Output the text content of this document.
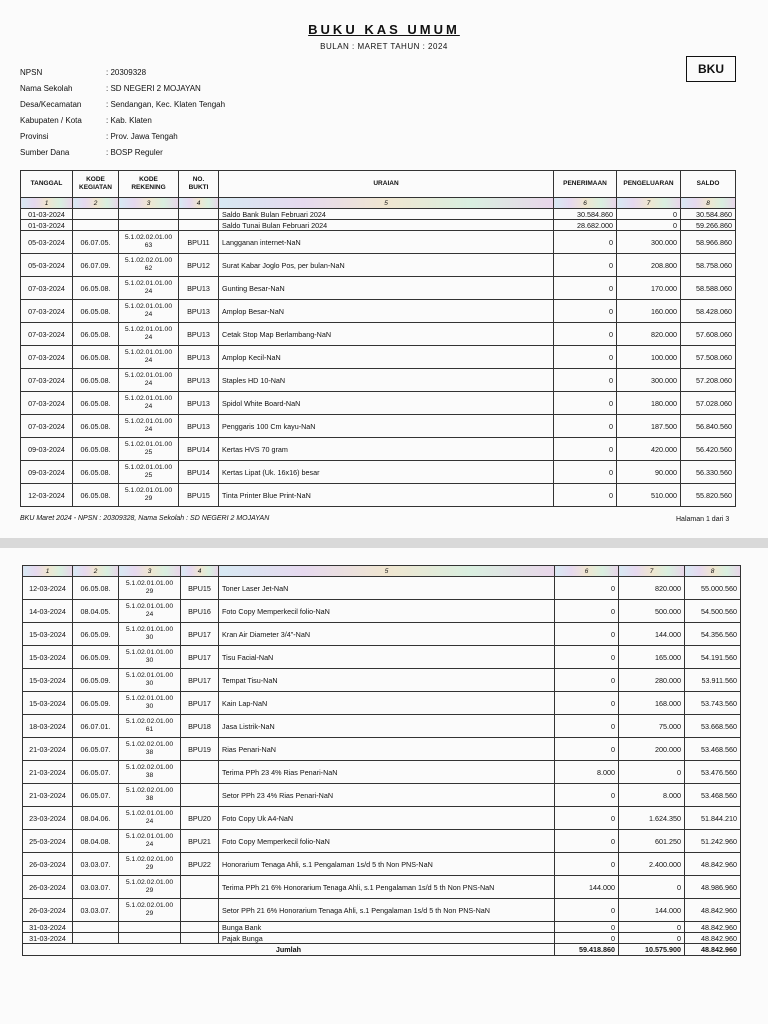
BUKU KAS UMUM
BULAN : MARET TAHUN : 2024
BKU
NPSN	: 20309328
Nama Sekolah	: SD NEGERI 2 MOJAYAN
Desa/Kecamatan	: Sendangan, Kec. Klaten Tengah
Kabupaten / Kota	: Kab. Klaten
Provinsi	: Prov. Jawa Tengah
Sumber Dana	: BOSP Reguler
TANGGAL	KODE KEGIATAN	KODE REKENING	NO. BUKTI	URAIAN	PENERIMAAN	PENGELUARAN	SALDO
1	2	3	4	5	6	7	8
01-03-2024				Saldo Bank Bulan Februari 2024	30.584.860	0	30.584.860
01-03-2024				Saldo Tunai Bulan Februari 2024	28.682.000	0	59.266.860
05-03-2024	06.07.05.	5.1.02.02.01.00 63	BPU11	Langganan internet-NaN	0	300.000	58.966.860
05-03-2024	06.07.09.	5.1.02.02.01.00 62	BPU12	Surat Kabar Joglo Pos, per bulan-NaN	0	208.800	58.758.060
07-03-2024	06.05.08.	5.1.02.01.01.00 24	BPU13	Gunting Besar-NaN	0	170.000	58.588.060
07-03-2024	06.05.08.	5.1.02.01.01.00 24	BPU13	Amplop Besar-NaN	0	160.000	58.428.060
07-03-2024	06.05.08.	5.1.02.01.01.00 24	BPU13	Cetak Stop Map Berlambang-NaN	0	820.000	57.608.060
07-03-2024	06.05.08.	5.1.02.01.01.00 24	BPU13	Amplop Kecil-NaN	0	100.000	57.508.060
07-03-2024	06.05.08.	5.1.02.01.01.00 24	BPU13	Staples HD 10-NaN	0	300.000	57.208.060
07-03-2024	06.05.08.	5.1.02.01.01.00 24	BPU13	Spidol White Board-NaN	0	180.000	57.028.060
07-03-2024	06.05.08.	5.1.02.01.01.00 24	BPU13	Penggaris 100 Cm kayu-NaN	0	187.500	56.840.560
09-03-2024	06.05.08.	5.1.02.01.01.00 25	BPU14	Kertas HVS 70 gram	0	420.000	56.420.560
09-03-2024	06.05.08.	5.1.02.01.01.00 25	BPU14	Kertas Lipat (Uk. 16x16) besar	0	90.000	56.330.560
12-03-2024	06.05.08.	5.1.02.01.01.00 29	BPU15	Tinta Printer Blue Print-NaN	0	510.000	55.820.560
BKU Maret 2024 - NPSN : 20309328, Nama Sekolah : SD NEGERI 2 MOJAYAN	Halaman 1 dari 3
1	2	3	4	5	6	7	8
12-03-2024	06.05.08.	5.1.02.01.01.00 29	BPU15	Toner Laser Jet-NaN	0	820.000	55.000.560
14-03-2024	08.04.05.	5.1.02.01.01.00 24	BPU16	Foto Copy Memperkecil folio-NaN	0	500.000	54.500.560
15-03-2024	06.05.09.	5.1.02.01.01.00 30	BPU17	Kran Air Diameter 3/4"-NaN	0	144.000	54.356.560
15-03-2024	06.05.09.	5.1.02.01.01.00 30	BPU17	Tisu Facial-NaN	0	165.000	54.191.560
15-03-2024	06.05.09.	5.1.02.01.01.00 30	BPU17	Tempat Tisu-NaN	0	280.000	53.911.560
15-03-2024	06.05.09.	5.1.02.01.01.00 30	BPU17	Kain Lap-NaN	0	168.000	53.743.560
18-03-2024	06.07.01.	5.1.02.02.01.00 61	BPU18	Jasa Listrik-NaN	0	75.000	53.668.560
21-03-2024	06.05.07.	5.1.02.02.01.00 38	BPU19	Rias Penari-NaN	0	200.000	53.468.560
21-03-2024	06.05.07.	5.1.02.02.01.00 38		Terima PPh 23 4% Rias Penari-NaN	8.000	0	53.476.560
21-03-2024	06.05.07.	5.1.02.02.01.00 38		Setor PPh 23 4% Rias Penari-NaN	0	8.000	53.468.560
23-03-2024	08.04.06.	5.1.02.01.01.00 24	BPU20	Foto Copy Uk A4-NaN	0	1.624.350	51.844.210
25-03-2024	08.04.08.	5.1.02.01.01.00 24	BPU21	Foto Copy Memperkecil folio-NaN	0	601.250	51.242.960
26-03-2024	03.03.07.	5.1.02.02.01.00 29	BPU22	Honorarium Tenaga Ahli, s.1 Pengalaman 1s/d 5 th Non PNS-NaN	0	2.400.000	48.842.960
26-03-2024	03.03.07.	5.1.02.02.01.00 29		Terima PPh 21 6% Honorarium Tenaga Ahli, s.1 Pengalaman 1s/d 5 th Non PNS-NaN	144.000	0	48.986.960
26-03-2024	03.03.07.	5.1.02.02.01.00 29		Setor PPh 21 6% Honorarium Tenaga Ahli, s.1 Pengalaman 1s/d 5 th Non PNS-NaN	0	144.000	48.842.960
31-03-2024				Bunga Bank	0	0	48.842.960
31-03-2024				Pajak Bunga	0	0	48.842.960
Jumlah					59.418.860	10.575.900	48.842.960
